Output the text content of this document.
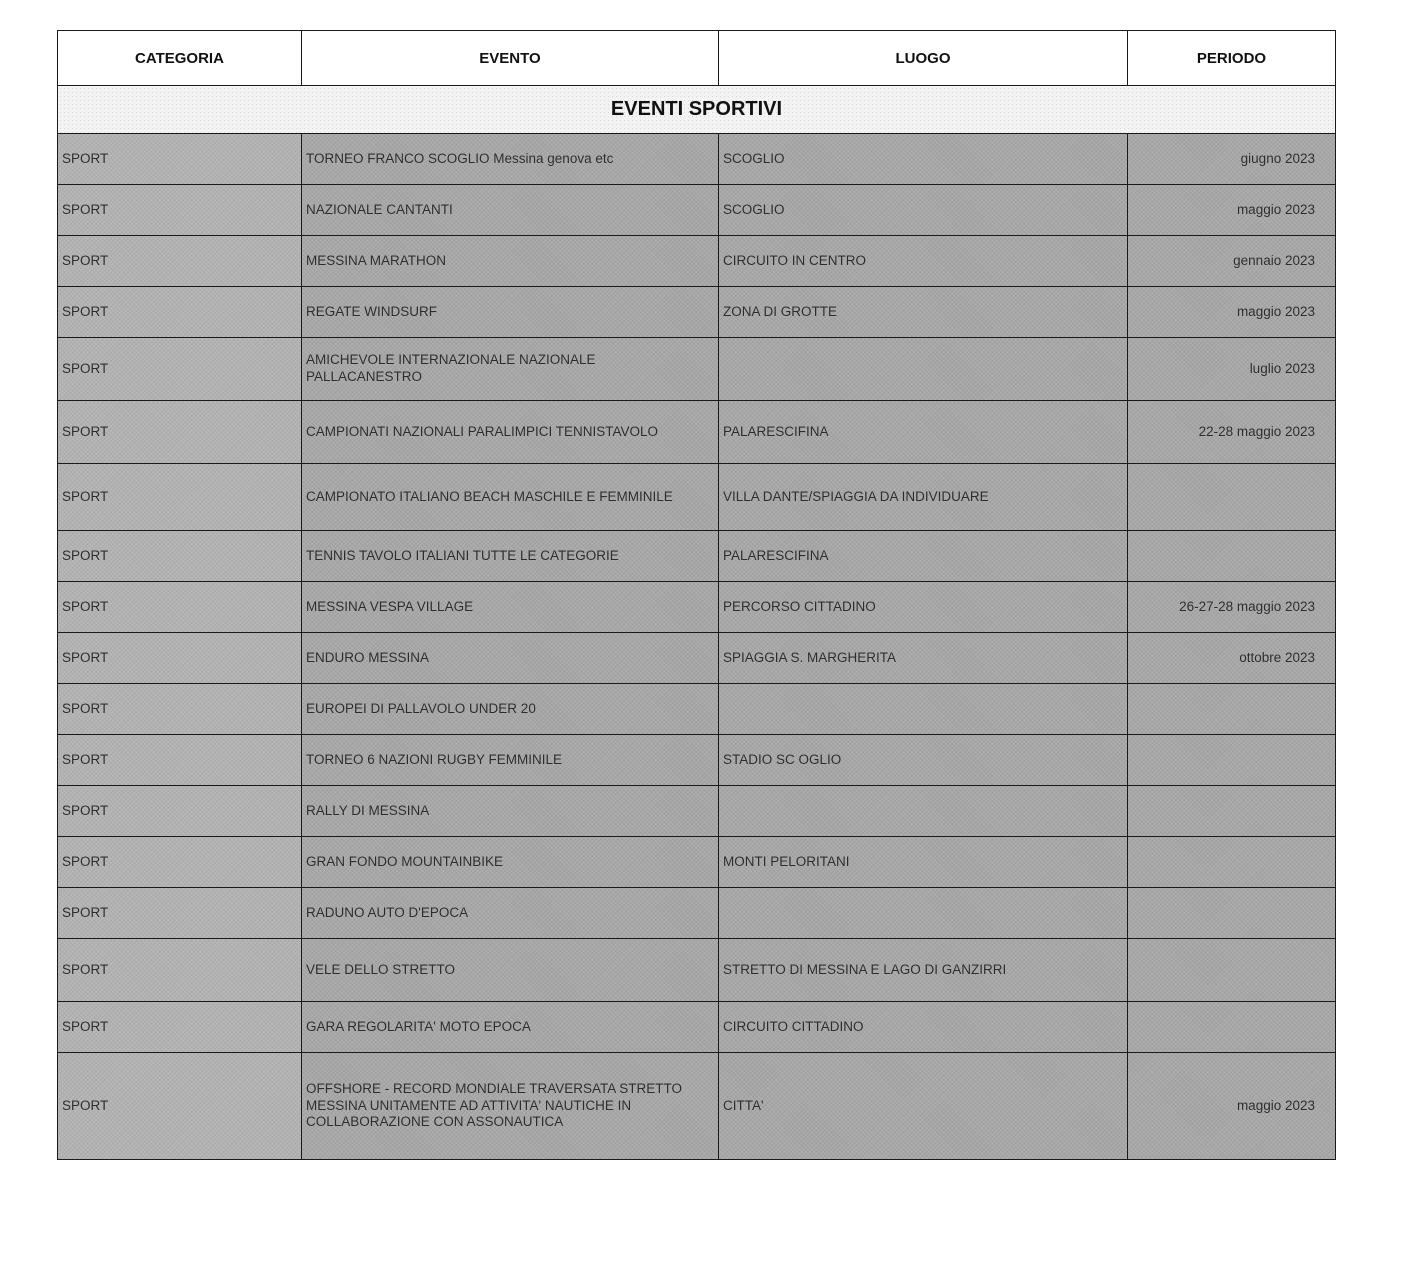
CATEGORIA	EVENTO	LUOGO	PERIODO
EVENTI SPORTIVI			
SPORT	TORNEO FRANCO SCOGLIO Messina genova etc	SCOGLIO	giugno 2023
SPORT	NAZIONALE CANTANTI	SCOGLIO	maggio 2023
SPORT	MESSINA MARATHON	CIRCUITO IN CENTRO	gennaio 2023
SPORT	REGATE WINDSURF	ZONA DI GROTTE	maggio 2023
SPORT	AMICHEVOLE INTERNAZIONALE NAZIONALE PALLACANESTRO		luglio 2023
SPORT	CAMPIONATI NAZIONALI PARALIMPICI TENNISTAVOLO	PALARESCIFINA	22-28 maggio 2023
SPORT	CAMPIONATO ITALIANO BEACH MASCHILE E FEMMINILE	VILLA DANTE/SPIAGGIA DA INDIVIDUARE	
SPORT	TENNIS TAVOLO ITALIANI TUTTE LE CATEGORIE	PALARESCIFINA	
SPORT	MESSINA VESPA VILLAGE	PERCORSO CITTADINO	26-27-28 maggio 2023
SPORT	ENDURO MESSINA	SPIAGGIA S. MARGHERITA	ottobre 2023
SPORT	EUROPEI DI PALLAVOLO UNDER 20		
SPORT	TORNEO 6 NAZIONI RUGBY FEMMINILE	STADIO SC OGLIO	
SPORT	RALLY DI MESSINA		
SPORT	GRAN FONDO MOUNTAINBIKE	MONTI PELORITANI	
SPORT	RADUNO AUTO D'EPOCA		
SPORT	VELE DELLO STRETTO	STRETTO DI MESSINA E LAGO DI GANZIRRI	
SPORT	GARA REGOLARITA' MOTO EPOCA	CIRCUITO CITTADINO	
SPORT	OFFSHORE - RECORD MONDIALE TRAVERSATA STRETTO MESSINA UNITAMENTE AD ATTIVITA' NAUTICHE IN COLLABORAZIONE CON ASSONAUTICA	CITTA'	maggio 2023
